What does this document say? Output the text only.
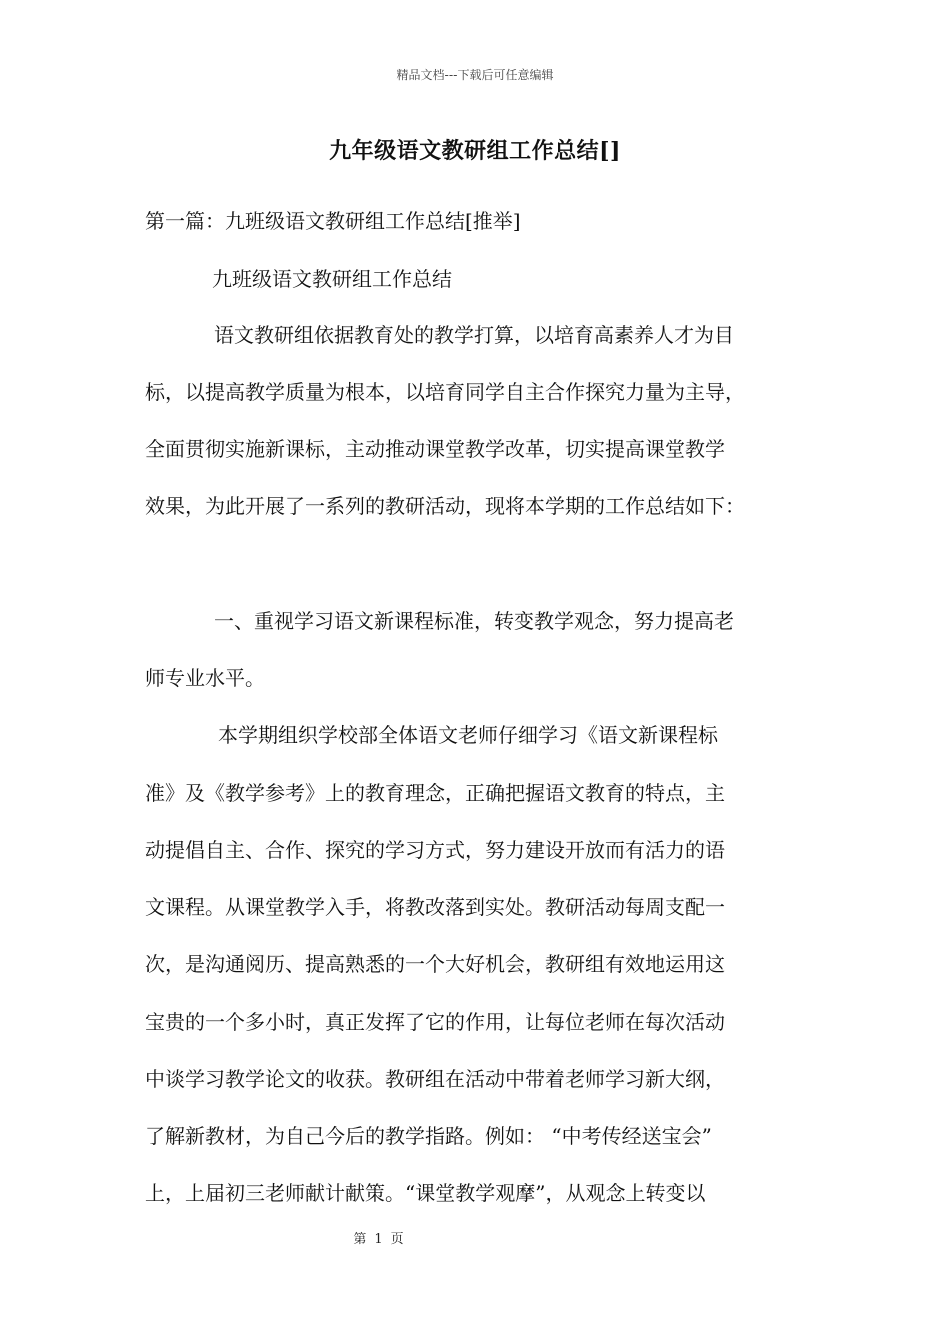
精品文档---下载后可任意编辑
九年级语文教研组工作总结[]
第一篇：九班级语文教研组工作总结[推举]
九班级语文教研组工作总结
语文教研组依据教育处的教学打算，以培育高素养人才为目
标，以提高教学质量为根本，以培育同学自主合作探究力量为主导，
全面贯彻实施新课标，主动推动课堂教学改革，切实提高课堂教学
效果，为此开展了一系列的教研活动，现将本学期的工作总结如下：
一、重视学习语文新课程标准，转变教学观念，努力提高老
师专业水平。
本学期组织学校部全体语文老师仔细学习《语文新课程标
准》及《教学参考》上的教育理念，正确把握语文教育的特点，主
动提倡自主、合作、探究的学习方式，努力建设开放而有活力的语
文课程。从课堂教学入手，将教改落到实处。教研活动每周支配一
次，是沟通阅历、提高熟悉的一个大好机会，教研组有效地运用这
宝贵的一个多小时，真正发挥了它的作用，让每位老师在每次活动
中谈学习教学论文的收获。教研组在活动中带着老师学习新大纲，
了解新教材，为自己今后的教学指路。例如： “中考传经送宝会”
上，上届初三老师献计献策。“课堂教学观摩”，从观念上转变以
第 1 页
